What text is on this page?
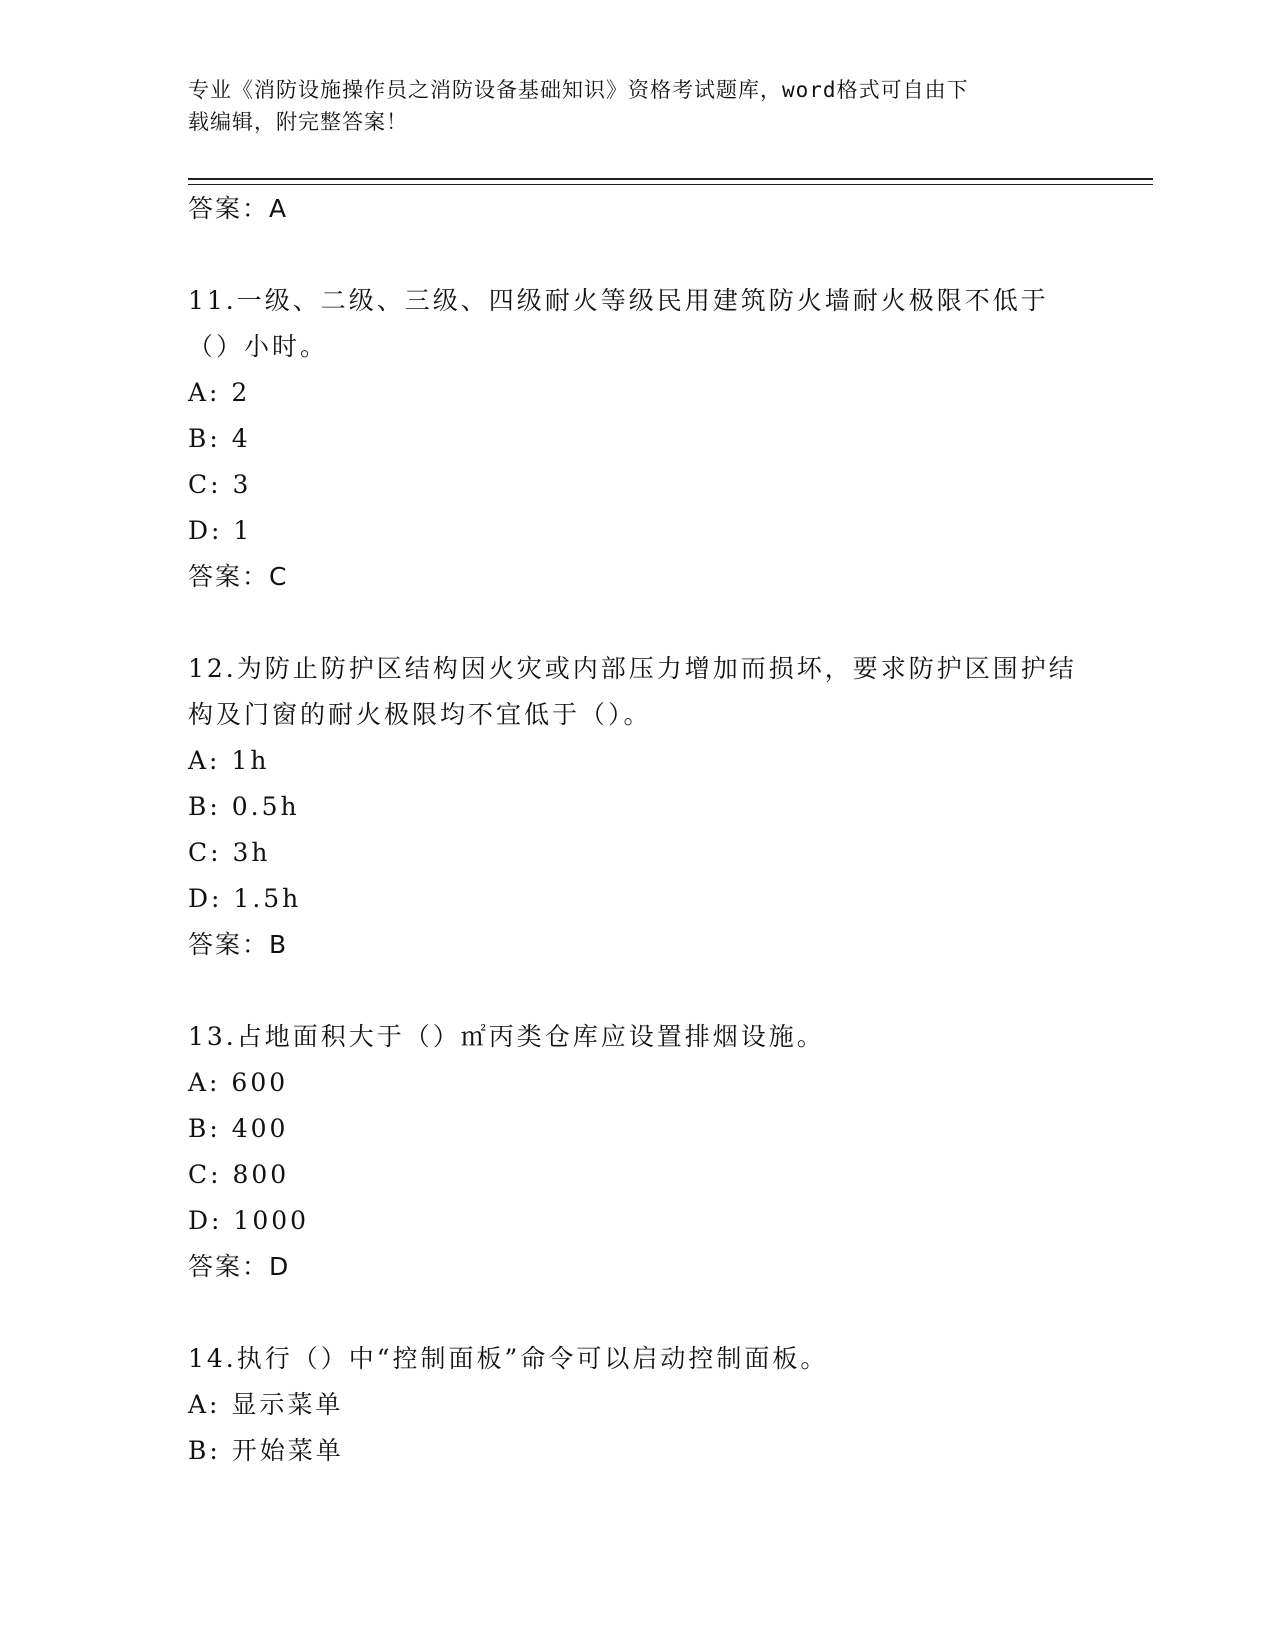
专业《消防设施操作员之消防设备基础知识》资格考试题库，word格式可自由下
载编辑，附完整答案！
答案：A
11.一级、二级、三级、四级耐火等级民用建筑防火墙耐火极限不低于（）小时。
A: 2
B: 4
C: 3
D: 1
答案：C
12.为防止防护区结构因火灾或内部压力增加而损坏，要求防护区围护结构及门窗的耐火极限均不宜低于（）。
A: 1h
B: 0.5h
C: 3h
D: 1.5h
答案：B
13.占地面积大于（）㎡丙类仓库应设置排烟设施。
A: 600
B: 400
C: 800
D: 1000
答案：D
14.执行（）中“控制面板”命令可以启动控制面板。
A: 显示菜单
B: 开始菜单
